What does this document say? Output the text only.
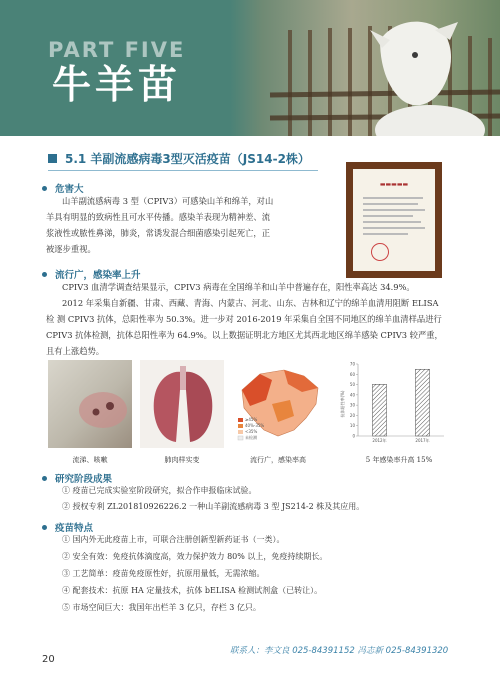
PART FIVE
牛羊苗
5.1 羊副流感病毒3型灭活疫苗（JS14-2株）
▬▬▬▬▬
危害大
山羊副流感病毒 3 型（CPIV3）可感染山羊和绵羊，对山
羊具有明显的致病性且可水平传播。感染羊表现为精神差、流
浆液性或脓性鼻涕，肺炎，常诱发混合细菌感染引起死亡，正
被逐步重视。
流行广，感染率上升
CPIV3 血清学调查结果显示，CPIV3 病毒在全国绵羊和山羊中普遍存在，阳性率高达 34.9%。
2012 年采集自新疆、甘肃、西藏、青海、内蒙古、河北、山东、吉林和辽宁的绵羊血清用阻断 ELISA
检 测 CPIV3 抗体，总阳性率为 50.3%。进一步对 2016-2019 年采集自全国不同地区的绵羊血清样品进行
CPIV3 抗体检测，抗体总阳性率为 64.9%。以上数据证明北方地区尤其西北地区绵羊感染 CPIV3 较严重，
且有上涨趋势。
≥45%
40%-35%
<35%
未检测
抗体阳性率(%)
0
10
20
30
40
50
60
70
2012年	2017年
流涕、咳嗽	肺肉样实变	流行广，感染率高	5 年感染率升高 15%
研究阶段成果
① 疫苗已完成实验室阶段研究，拟合作申报临床试验。
② 授权专利 ZL201810926226.2 一种山羊副流感病毒 3 型 JS214-2 株及其应用。
疫苗特点
① 国内外无此疫苗上市，可联合注册创新型新药证书（一类）。
② 安全有效：免疫抗体滴度高，效力保护效力 80% 以上，免疫持续期长。
③ 工艺简单：疫苗免疫原性好，抗原用量低，无需浓缩。
④ 配套技术：抗原 HA 定量技术，抗体 bELISA 检测试剂盒（已转让）。
⑤ 市场空间巨大：我国年出栏羊 3 亿只，存栏 3 亿只。
联系人：李文良 025-84391152 冯志新 025-84391320
20
